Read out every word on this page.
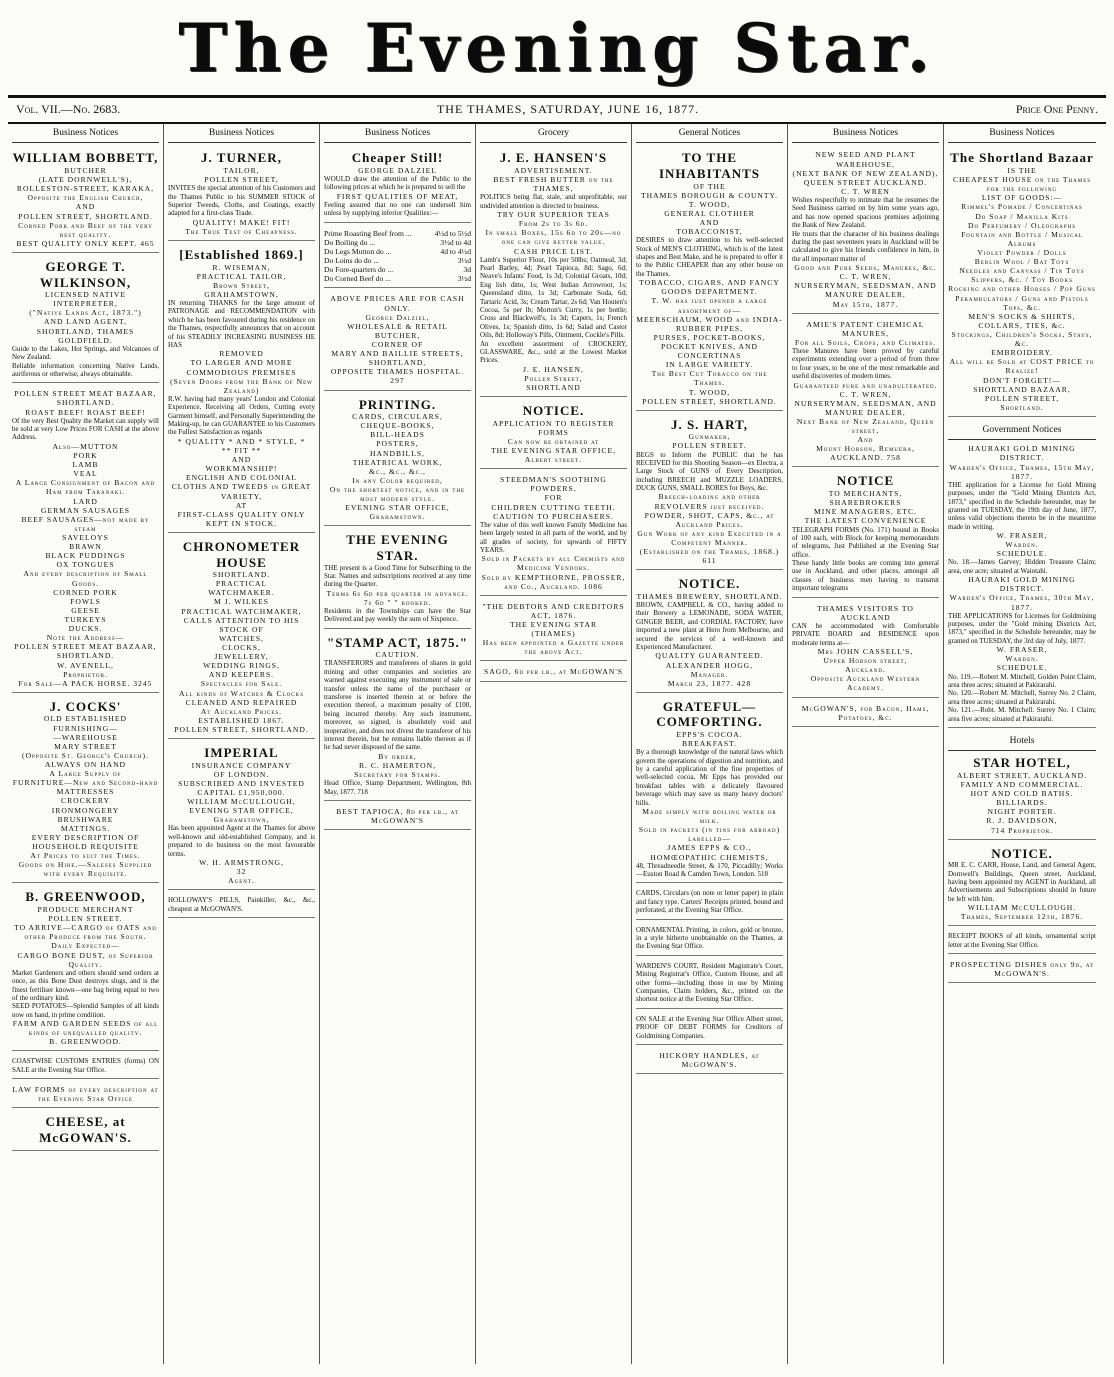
The Evening Star.
Vol. VII.—No. 2683.	THE THAMES, SATURDAY, JUNE 16, 1877.	Price One Penny.
Business Notices
WILLIAM BOBBETT,
BUTCHER
(LATE DORNWELL'S),
ROLLESTON-STREET, KARAKA,
Opposite the English Church,
AND
POLLEN STREET, SHORTLAND.
Corned Pork and Beef of the very best quality.
BEST QUALITY ONLY KEPT. 465
GEORGE T. WILKINSON,
LICENSED NATIVE INTERPRETER,
("Native Lands Act, 1873.")
AND LAND AGENT,
SHORTLAND, THAMES GOLDFIELD.
Guide to the Lakes, Hot Springs, and Volcanoes of New Zealand.
Reliable information concerning Native Lands, auriferous or otherwise, always obtainable.
POLLEN STREET MEAT BAZAAR,
SHORTLAND.
ROAST BEEF! ROAST BEEF!
Of the very Best Quality the Market can supply will be sold at very Low Prices FOR CASH at the above Address.
Also—MUTTON
PORK
LAMB
VEAL
A Large Consignment of Bacon and Ham from Taranaki.
LARD
GERMAN SAUSAGES
BEEF SAUSAGES—not made by steam
SAVELOYS
BRAWN
BLACK PUDDINGS
OX TONGUES
And every description of Small Goods.
CORNED PORK
FOWLS
GEESE
TURKEYS
DUCKS.
Note the Address—
POLLEN STREET MEAT BAZAAR,
SHORTLAND.
W. AVENELL,
Proprietor.
For Sale—A PACK HORSE. 3245
J. COCKS'
OLD ESTABLISHED
FURNISHING—
—WAREHOUSE
MARY STREET
(Opposite St. George's Church).
ALWAYS ON HAND
A Large Supply of
FURNITURE—New and Second-hand
MATTRESSES
CROCKERY
IRONMONGERY
BRUSHWARE
MATTINGS.
EVERY DESCRIPTION OF HOUSEHOLD REQUISITE
At Prices to suit the Times.
Goods on Hire.—Saleses Supplied with every Requisite.
B. GREENWOOD,
PRODUCE MERCHANT
POLLEN STREET.
TO ARRIVE—CARGO of OATS and other Produce from the South.
Daily Expected—
CARGO BONE DUST, of Superior Quality.
Market Gardeners and others should send orders at once, as this Bone Dust destroys slugs, and is the finest fertiliser known—one bag being equal to two of the ordinary kind.
SEED POTATOES—Splendid Samples of all kinds now on hand, in prime condition.
FARM AND GARDEN SEEDS of all kinds of unequalled quality.
B. GREENWOOD.
COASTWISE CUSTOMS ENTRIES (forms) ON SALE at the Evening Star Office.
LAW FORMS of every description at the Evening Star Office
CHEESE, at McGOWAN'S.
Business Notices
J. TURNER,
TAILOR,
POLLEN STREET,
INVITES the special attention of his Customers and the Thames Public to his SUMMER STOCK of Superior Tweeds, Cloths, and Coatings, exactly adapted for a first-class Trade.
QUALITY! MAKE! FIT!
The True Test of Cheapness.
[Established 1869.]
R. WISEMAN,
PRACTICAL TAILOR,
Brown Street,
GRAHAMSTOWN,
IN returning THANKS for the large amount of PATRONAGE and RECOMMENDATION with which he has been favoured during his residence on the Thames, respectfully announces that on account of his STEADILY INCREASING BUSINESS HE HAS
REMOVED
TO LARGER AND MORE COMMODIOUS PREMISES
(Seven Doors from the Bank of New Zealand)
R.W. having had many years' London and Colonial Experience, Receiving all Orders, Cutting every Garment himself, and Personally Superintending the Making-up, he can GUARANTEE to his Customers the Fullest Satisfaction as regards
* QUALITY * AND * STYLE, *
** FIT **
AND
WORKMANSHIP!
ENGLISH AND COLONIAL CLOTHS AND TWEEDS in GREAT VARIETY,
AT
FIRST-CLASS QUALITY ONLY KEPT IN STOCK.
CHRONOMETER HOUSE
SHORTLAND.
PRACTICAL
WATCHMAKER.
M J. WILKES
PRACTICAL WATCHMAKER,
CALLS ATTENTION TO HIS STOCK OF
WATCHES,
CLOCKS,
JEWELLERY,
WEDDING RINGS,
AND KEEPERS.
Spectacles for Sale.
All kinds of Watches & Clocks
CLEANED AND REPAIRED
At Auckland Prices.
ESTABLISHED 1867.
POLLEN STREET, SHORTLAND.
IMPERIAL
INSURANCE COMPANY
OF LONDON.
SUBSCRIBED AND INVESTED
CAPITAL £1,950,000.
WILLIAM McCULLOUGH,
EVENING STAR OFFICE,
Grahamstown,
Has been appointed Agent at the Thames for above well-known and old-established Company, and is prepared to do business on the most favourable terms.
W. H. ARMSTRONG,
32
Agent.
HOLLOWAY'S PILLS, Painkiller, &c., &c., cheapest at McGOWAN'S.
Business Notices
Cheaper Still!
GEORGE DALZIEL
WOULD draw the attention of the Public to the following prices at which he is prepared to sell the
FIRST QUALITIES OF MEAT,
Feeling assured that no one can undersell him unless by supplying inferior Qualities:—
Prime Roasting Beef from ...	4½d to 5½d
Do Boiling do ...	3½d to 4d
Do Legs Mutton do ...	4d to 4½d
Do Loins do do ...	3½d
Do Fore-quarters do ...	3d
Do Corned Beef do ...	3½d
ABOVE PRICES ARE FOR CASH ONLY.
George Dalziel,
WHOLESALE & RETAIL BUTCHER,
CORNER OF
MARY AND BAILLIE STREETS,
SHORTLAND,
OPPOSITE THAMES HOSPITAL.
297
PRINTING.
CARDS, CIRCULARS,
CHEQUE-BOOKS,
BILL-HEADS
POSTERS,
HANDBILLS,
THEATRICAL WORK,
&c., &c., &c.,
In any Color required,
On the shortest notice, and in the most modern style.
EVENING STAR OFFICE,
Grahamstown.
THE EVENING STAR.
THE present is a Good Time for Subscribing to the Star. Names and subscriptions received at any time during the Quarter.
Terms 6s 6d per quarter in advance.
7s 6d " " booked.
Residents in the Townships can have the Star Delivered and pay weekly the sum of Sixpence.
"STAMP ACT, 1875."
CAUTION.
TRANSFERORS and transferees of shares in gold mining and other companies and societies are warned against executing any instrument of sale or transfer unless the name of the purchaser or transferee is inserted therein at or before the execution thereof, a maximum penalty of £100, being incurred thereby. Any such instrument, moreover, so signed, is absolutely void and inoperative, and does not divest the transferor of his interest therein, but he remains liable thereon as if he had never disposed of the same.
By order,
R. C. HAMERTON,
Secretary for Stamps.
Head Office, Stamp Department, Wellington, 8th May, 1877. 718
BEST TAPIOCA, 8d per lb., at McGOWAN'S
Grocery
J. E. HANSEN'S
ADVERTISEMENT.
BEST FRESH BUTTER on the THAMES,
POLITICS being flat, stale, and unprofitable, our undivided attention is directed to business.
TRY OUR SUPERIOR TEAS
From 2s to 3s 6d.
In small Boxes, 15s 6d to 20s—no one can give better value.
CASH PRICE LIST.
Lamb's Superior Flour, 10s per 50lbs; Oatmeal, 3d; Pearl Barley, 4d; Pearl Tapioca, 8d; Sago, 6d; Neave's Infants' Food, 1s 3d; Colonial Groats, 10d; Eng lish ditto, 1s; West Indian Arrowroot, 1s; Queensland ditto, 1s 3d; Carbonate Soda, 6d; Tartaric Acid, 3s; Cream Tartar, 2s 6d; Van Houten's Cocoa, 5s per lb; Morton's Curry, 1s per bottle; Cross and Blackwell's, 1s 3d; Capers, 1s; French Olives, 1s; Spanish ditto, 1s 6d; Salad and Castor Oils, 8d; Holloway's Pills, Ointment, Cockle's Pills.
An excellent assortment of CROCKERY, GLASSWARE, &c., sold at the Lowest Market Prices.
J. E. HANSEN,
Pollen Street,
SHORTLAND
NOTICE.
APPLICATION TO REGISTER
FORMS
Can now be obtained at
THE EVENING STAR OFFICE,
Albert street.
STEEDMAN'S SOOTHING POWDERS,
FOR
CHILDREN CUTTING TEETH.
CAUTION TO PURCHASERS.
The value of this well known Family Medicine has been largely tested in all parts of the world, and by all grades of society, for upwards of FIFTY YEARS.
Sold in Packets by all Chemists and Medicine Vendors.
Sold by KEMPTHORNE, PROSSER, and Co., Auckland. 1086
"THE DEBTORS AND CREDITORS
ACT, 1876.
THE EVENING STAR
(THAMES)
Has been appointed a Gazette under the above Act.
SAGO, 6d per lb., at McGOWAN'S
General Notices
TO THE INHABITANTS
OF THE
THAMES BOROUGH & COUNTY.
T. WOOD,
GENERAL CLOTHIER
AND
TOBACCONIST,
DESIRES to draw attention to his well-selected Stock of MEN'S CLOTHING, which is of the latest shapes and Best Make, and he is prepared to offer it to the Public CHEAPER than any other house on the Thames.
TOBACCO, CIGARS, AND FANCY GOODS DEPARTMENT.
T. W. has just opened a large assortment of—
MEERSCHAUM, WOOD and INDIA-RUBBER PIPES,
PURSES, POCKET-BOOKS, POCKET KNIVES, AND CONCERTINAS
IN LARGE VARIETY.
The Best Cut Tobacco on the Thames.
T. WOOD,
POLLEN STREET, SHORTLAND.
J. S. HART,
Gunmaker,
POLLEN STREET.
BEGS to Inform the PUBLIC that he has RECEIVED for this Shooting Season—ex Electra, a Large Stock of GUNS of Every Description, including BREECH and MUZZLE LOADERS, DUCK GUNS, SMALL BORES for Boys, &c.
Breech-loading and other REVOLVERS just received.
POWDER, SHOT, CAPS, &c., at Auckland Prices.
Gun Work of any kind Executed in a Competent Manner.
(Established on the Thames, 1868.) 611
NOTICE.
THAMES BREWERY, SHORTLAND.
BROWN, CAMPBELL & CO., having added to their Brewery a LEMONADE, SODA WATER, GINGER BEER, and CORDIAL FACTORY, have imported a new plant at Hero from Melbourne, and secured the services of a well-known and Experienced Manufacturer.
QUALITY GUARANTEED.
ALEXANDER HOGG,
Manager.
March 23, 1877. 428
GRATEFUL—COMFORTING.
EPPS'S COCOA.
BREAKFAST.
By a thorough knowledge of the natural laws which govern the operations of digestion and nutrition, and by a careful application of the fine properties of well-selected cocoa, Mr Epps has provided our breakfast tables with a delicately flavoured beverage which may save us many heavy doctors' bills.
Made simply with boiling water or milk.
Sold in packets (in tins for abroad) labelled—
JAMES EPPS & CO.,
HOMŒOPATHIC CHEMISTS,
48, Threadneedle Street, & 170, Piccadilly; Works—Euston Road & Camden Town, London. 518
CARDS, Circulars (on note or letter paper) in plain and fancy type. Carters' Receipts printed, bound and perforated, at the Evening Star Office.
ORNAMENTAL Printing, in colors, gold or bronze, in a style hitherto unobtainable on the Thames, at the Evening Star Office.
WARDEN'S COURT, Resident Magistrate's Court, Mining Registrar's Office, Custom House, and all other forms—including those in use by Mining Companies, Claim holders, &c., printed on the shortest notice at the Evening Star Office.
ON SALE at the Evening Star Office Albert street, PROOF OF DEBT FORMS for Creditors of Goldmining Companies.
HICKORY HANDLES, at McGOWAN'S.
Business Notices
NEW SEED AND PLANT WAREHOUSE,
(NEXT BANK OF NEW ZEALAND),
QUEEN STREET AUCKLAND.
C. T. WREN
Wishes respectfully to intimate that he resumes the Seed Business carried on by him some years ago, and has now opened spacious premises adjoining the Bank of New Zealand.
He trusts that the character of his business dealings during the past seventeen years in Auckland will be calculated to give his friends confidence in him, in the all important matter of
Good and Pure Seeds, Manures, &c.
C. T. WREN,
NURSERYMAN, SEEDSMAN, AND MANURE DEALER,
May 15th, 1877.
AMIE'S PATENT CHEMICAL MANURES,
For all Soils, Crops, and Climates.
These Manures have been proved by careful experiments extending over a period of from three to four years, to be one of the most remarkable and useful discoveries of modern times.
Guaranteed pure and unadulterated.
C. T. WREN,
NURSERYMAN, SEEDSMAN, AND MANURE DEALER,
Next Bank of New Zealand, Queen street,
And
Mount Hobson, Remuera,
AUCKLAND. 758
NOTICE
TO MERCHANTS, SHAREBROKERS
MINE MANAGERS, ETC.
THE LATEST CONVENIENCE
TELEGRAPH FORMS (No. 171) bound in Books of 100 each, with Block for keeping memorandum of telegrams, Just Published at the Evening Star office.
These handy little books are coming into general use in Auckland, and other places, amongst all classes of business men having to transmit important telegrams
THAMES VISITORS TO AUCKLAND
CAN be accommodated with Comfortable PRIVATE BOARD and RESIDENCE upon moderate terms at—
Mrs JOHN CASSELL'S,
Upper Hobson street,
Auckland.
Opposite Auckland Western Academy.
McGOWAN'S, for Bacon, Hams, Potatoes, &c.
Business Notices
The Shortland Bazaar
IS THE
CHEAPEST HOUSE on the Thames for the following
LIST OF GOODS:—
Rimmel's Pomade / Concertinas
Do Soap / Manilla Kits
Do Perfumery / Oleographs
Fountain and Bottle / Musical Albums
Violet Powder / Dolls
Berlin Wool / Bat Toys
Needles and Canvass / Tin Toys
Slippers, &c. / Toy Books
Rocking and other Horses / Pop Guns
Perambulators / Guns and Pistols
Tops, &c.
MEN'S SOCKS & SHIRTS, COLLARS, TIES, &c.
Stockings, Children's Socks, Stays, &c.
EMBROIDERY.
All will be Sold at COST PRICE to Realize!
DON'T FORGET!—
SHORTLAND BAZAAR,
POLLEN STREET,
Shortland.
Government Notices
HAURAKI GOLD MINING DISTRICT.
Warden's Office, Thames, 15th May, 1877.
THE application for a License for Gold Mining purposes, under the "Gold Mining Districts Act, 1873," specified in the Schedule hereunder, may be granted on TUESDAY, the 19th day of June, 1877, unless valid objections thereto be in the meantime made in writing.
W. FRASER,
Warden.
SCHEDULE.
No. 18.—James Garvey; Hidden Treasure Claim; area, one acre; situated at Waiotahi.
HAURAKI GOLD MINING DISTRICT.
Warden's Office, Thames, 30th May, 1877.
THE APPLICATIONS for Licenses for Goldmining purposes, under the "Gold mining Districts Act, 1873," specified in the Schedule hereunder, may be granted on TUESDAY, the 3rd day of July, 1877.
W. FRASER,
Warden.
SCHEDULE.
No. 119.—Robert M. Mitchell, Golden Point Claim, area three acres; situated at Pakirarahi.
No. 120.—Robert M. Mitchell, Surrey No. 2 Claim, area three acres; situated at Pakirarahi.
No. 121.—Robt. M. Mitchell. Surrey No. 1 Claim; area five acres; situated at Pakirarahi.
Hotels
STAR HOTEL,
ALBERT STREET, AUCKLAND.
FAMILY AND COMMERCIAL.
HOT AND COLD BATHS.
BILLIARDS.
NIGHT PORTER.
R. J. DAVIDSON,
714 Proprietor.
NOTICE.
MR E. C. CARR, House, Land, and General Agent, Dornwell's Buildings, Queen street, Auckland, having been appointed my AGENT in Auckland, all Advertisements and Subscriptions should in future be left with him.
WILLIAM McCULLOUGH.
Thames, September 12th, 1876.
RECEIPT BOOKS of all kinds, ornamental script letter at the Evening Star Office.
PROSPECTING DISHES only 9d, at McGOWAN'S.
